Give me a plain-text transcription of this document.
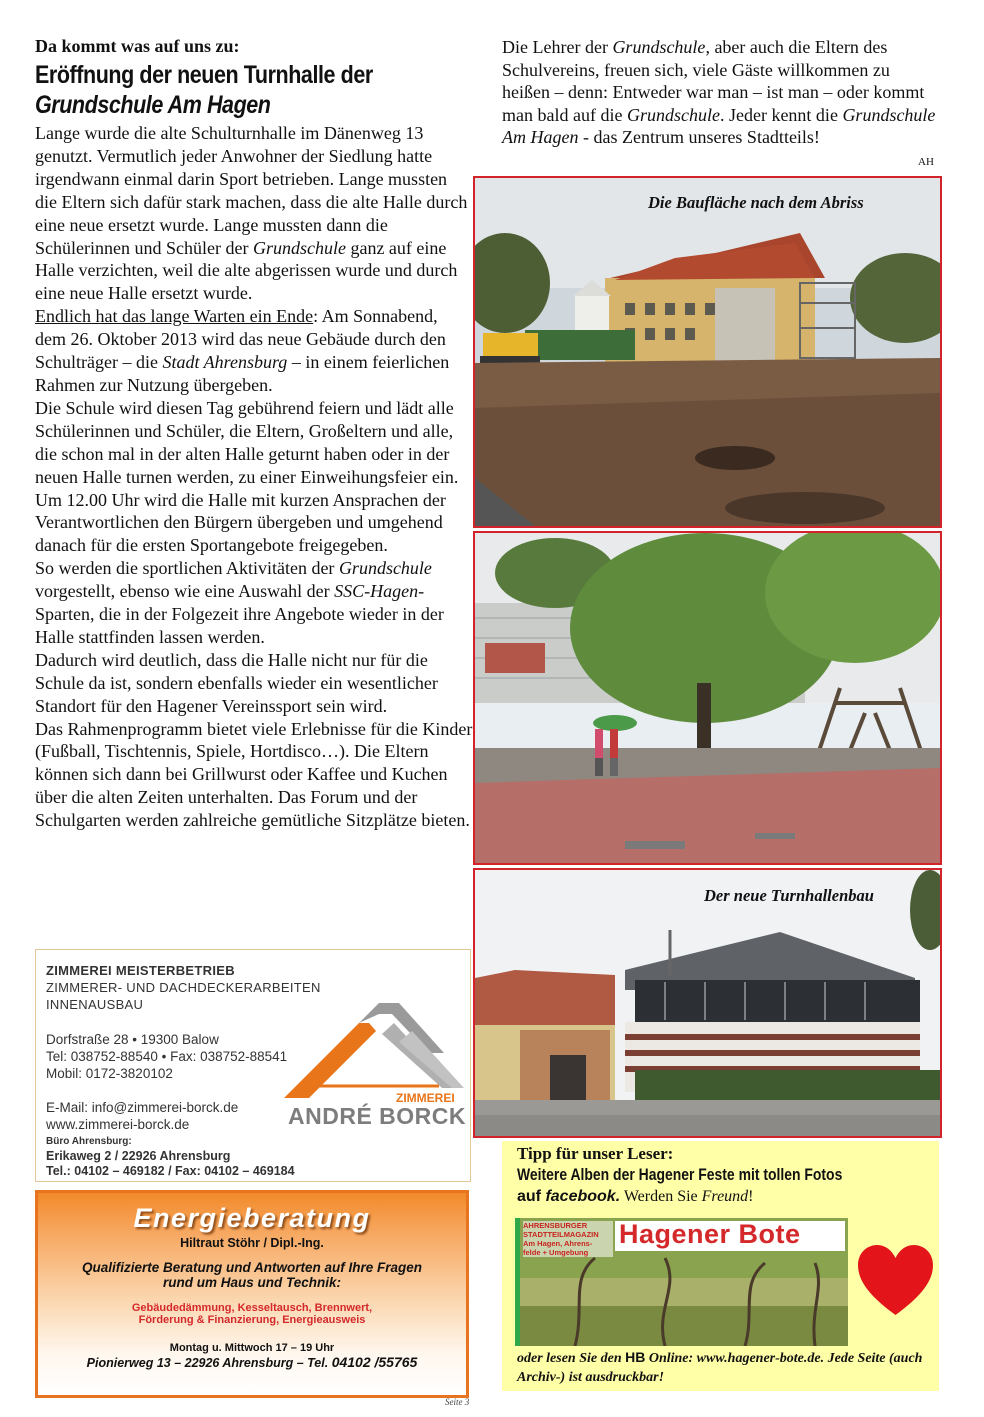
Da kommt was auf uns zu:
Eröffnung der neuen Turnhalle der
Grundschule Am Hagen

Lange wurde die alte Schulturnhalle im Dänenweg 13 genutzt. Vermutlich jeder Anwohner der Siedlung hatte irgendwann einmal darin Sport betrieben. Lange mussten die Eltern sich dafür stark machen, dass die alte Halle durch eine neue ersetzt wurde. Lange mussten dann die Schülerinnen und Schüler der Grundschule ganz auf eine Halle verzichten, weil die alte abgerissen wurde und durch eine neue Halle ersetzt wurde.

Endlich hat das lange Warten ein Ende: Am Sonnabend, dem 26. Oktober 2013 wird das neue Gebäude durch den Schulträger – die Stadt Ahrensburg – in einem feierlichen Rahmen zur Nutzung übergeben.

Die Schule wird diesen Tag gebührend feiern und lädt alle Schülerinnen und Schüler, die Eltern, Großeltern und alle, die schon mal in der alten Halle geturnt haben oder in der neuen Halle turnen werden, zu einer Einweihungsfeier ein. Um 12.00 Uhr wird die Halle mit kurzen Ansprachen der Verantwortlichen den Bürgern übergeben und umgehend danach für die ersten Sportangebote freigegeben.

So werden die sportlichen Aktivitäten der Grundschule vorgestellt, ebenso wie eine Auswahl der SSC-Hagen-Sparten, die in der Folgezeit ihre Angebote wieder in der Halle stattfinden lassen werden.

Dadurch wird deutlich, dass die Halle nicht nur für die Schule da ist, sondern ebenfalls wieder ein wesentlicher Standort für den Hagener Vereinssport sein wird.

Das Rahmenprogramm bietet viele Erlebnisse für die Kinder (Fußball, Tischtennis, Spiele, Hortdisco…). Die Eltern können sich dann bei Grillwurst oder Kaffee und Kuchen über die alten Zeiten unterhalten. Das Forum und der Schulgarten werden zahlreiche gemütliche Sitzplätze bieten.

Die Lehrer der Grundschule, aber auch die Eltern des Schulvereins, freuen sich, viele Gäste willkommen zu heißen – denn: Entweder war man – ist man – oder kommt man bald auf die Grundschule. Jeder kennt die Grundschule Am Hagen - das Zentrum unseres Stadtteils!

AH
Die Baufläche nach dem Abriss
Der neue Turnhallenbau
ZIMMEREI MEISTERBETRIEB
ZIMMERER- UND DACHDECKERARBEITEN
INNENAUSBAU
Dorfstraße 28 • 19300 Balow
Tel: 038752-88540 • Fax: 038752-88541
Mobil: 0172-3820102
E-Mail: info@zimmerei-borck.de
www.zimmerei-borck.de
ZIMMEREI
ANDRÉ BORCK
Büro Ahrensburg:
Erikaweg 2 / 22926 Ahrensburg
Tel.: 04102 – 469182 / Fax: 04102 – 469184
Energieberatung
Hiltraut Stöhr / Dipl.-Ing.
Qualifizierte Beratung und Antworten auf Ihre Fragen
rund um Haus und Technik:
Gebäudedämmung, Kesseltausch, Brennwert,
Förderung & Finanzierung, Energieausweis
Montag u. Mittwoch 17 – 19 Uhr
Pionierweg 13 – 22926 Ahrensburg – Tel. 04102 /55765
Tipp für unser Leser:
Weitere Alben der Hagener Feste mit tollen Fotos
auf facebook. Werden Sie Freund!
AHRENSBURGER
STADTTEILMAGAZIN
Am Hagen, Ahrens-
felde + Umgebung
Hagener Bote
oder lesen Sie den HB Online: www.hagener-bote.de. Jede Seite (auch Archiv-) ist ausdruckbar!
Seite 3
